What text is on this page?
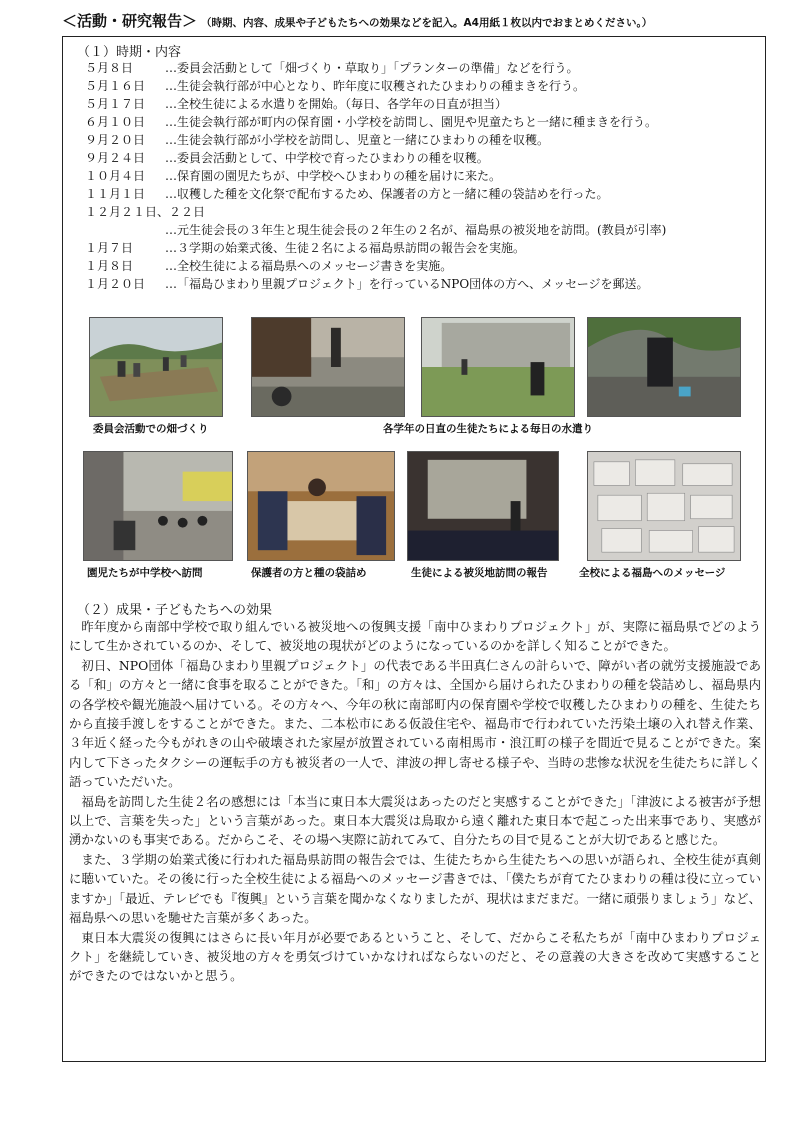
＜活動・研究報告＞ （時期、内容、成果や子どもたちへの効果などを記入。A4用紙１枚以内でおまとめください。）
（１）時期・内容
５月８日	…委員会活動として「畑づくり・草取り」「プランターの準備」などを行う。
５月１６日	…生徒会執行部が中心となり、昨年度に収穫されたひまわりの種まきを行う。
５月１７日	…全校生徒による水遣りを開始。（毎日、各学年の日直が担当）
６月１０日	…生徒会執行部が町内の保育園・小学校を訪問し、園児や児童たちと一緒に種まきを行う。
９月２０日	…生徒会執行部が小学校を訪問し、児童と一緒にひまわりの種を収穫。
９月２４日	…委員会活動として、中学校で育ったひまわりの種を収穫。
１０月４日	…保育園の園児たちが、中学校へひまわりの種を届けに来た。
１１月１日	…収穫した種を文化祭で配布するため、保護者の方と一緒に種の袋詰めを行った。
１２月２１日、２２日
…元生徒会長の３年生と現生徒会長の２年生の２名が、福島県の被災地を訪問。(教員が引率)
１月７日	…３学期の始業式後、生徒２名による福島県訪問の報告会を実施。
１月８日	…全校生徒による福島県へのメッセージ書きを実施。
１月２０日	…「福島ひまわり里親プロジェクト」を行っているNPO団体の方へ、メッセージを郵送。
委員会活動での畑づくり	各学年の日直の生徒たちによる毎日の水遣り
園児たちが中学校へ訪問	保護者の方と種の袋詰め	生徒による被災地訪問の報告	全校による福島へのメッセージ
（２）成果・子どもたちへの効果

昨年度から南部中学校で取り組んでいる被災地への復興支援「南中ひまわりプロジェクト」が、実際に福島県でどのようにして生かされているのか、そして、被災地の現状がどのようになっているのかを詳しく知ることができた。

初日、NPO団体「福島ひまわり里親プロジェクト」の代表である半田真仁さんの計らいで、障がい者の就労支援施設である「和」の方々と一緒に食事を取ることができた。「和」の方々は、全国から届けられたひまわりの種を袋詰めし、福島県内の各学校や観光施設へ届けている。その方々へ、今年の秋に南部町内の保育園や学校で収穫したひまわりの種を、生徒たちから直接手渡しをすることができた。また、二本松市にある仮設住宅や、福島市で行われていた汚染土壌の入れ替え作業、３年近く経った今もがれきの山や破壊された家屋が放置されている南相馬市・浪江町の様子を間近で見ることができた。案内して下さったタクシーの運転手の方も被災者の一人で、津波の押し寄せる様子や、当時の悲惨な状況を生徒たちに詳しく語っていただいた。

福島を訪問した生徒２名の感想には「本当に東日本大震災はあったのだと実感することができた」「津波による被害が予想以上で、言葉を失った」という言葉があった。東日本大震災は鳥取から遠く離れた東日本で起こった出来事であり、実感が湧かないのも事実である。だからこそ、その場へ実際に訪れてみて、自分たちの目で見ることが大切であると感じた。

また、３学期の始業式後に行われた福島県訪問の報告会では、生徒たちから生徒たちへの思いが語られ、全校生徒が真剣に聴いていた。その後に行った全校生徒による福島へのメッセージ書きでは、「僕たちが育てたひまわりの種は役に立っていますか」「最近、テレビでも『復興』という言葉を聞かなくなりましたが、現状はまだまだ。一緒に頑張りましょう」など、福島県への思いを馳せた言葉が多くあった。

東日本大震災の復興にはさらに長い年月が必要であるということ、そして、だからこそ私たちが「南中ひまわりプロジェクト」を継続していき、被災地の方々を勇気づけていかなければならないのだと、その意義の大きさを改めて実感することができたのではないかと思う。
